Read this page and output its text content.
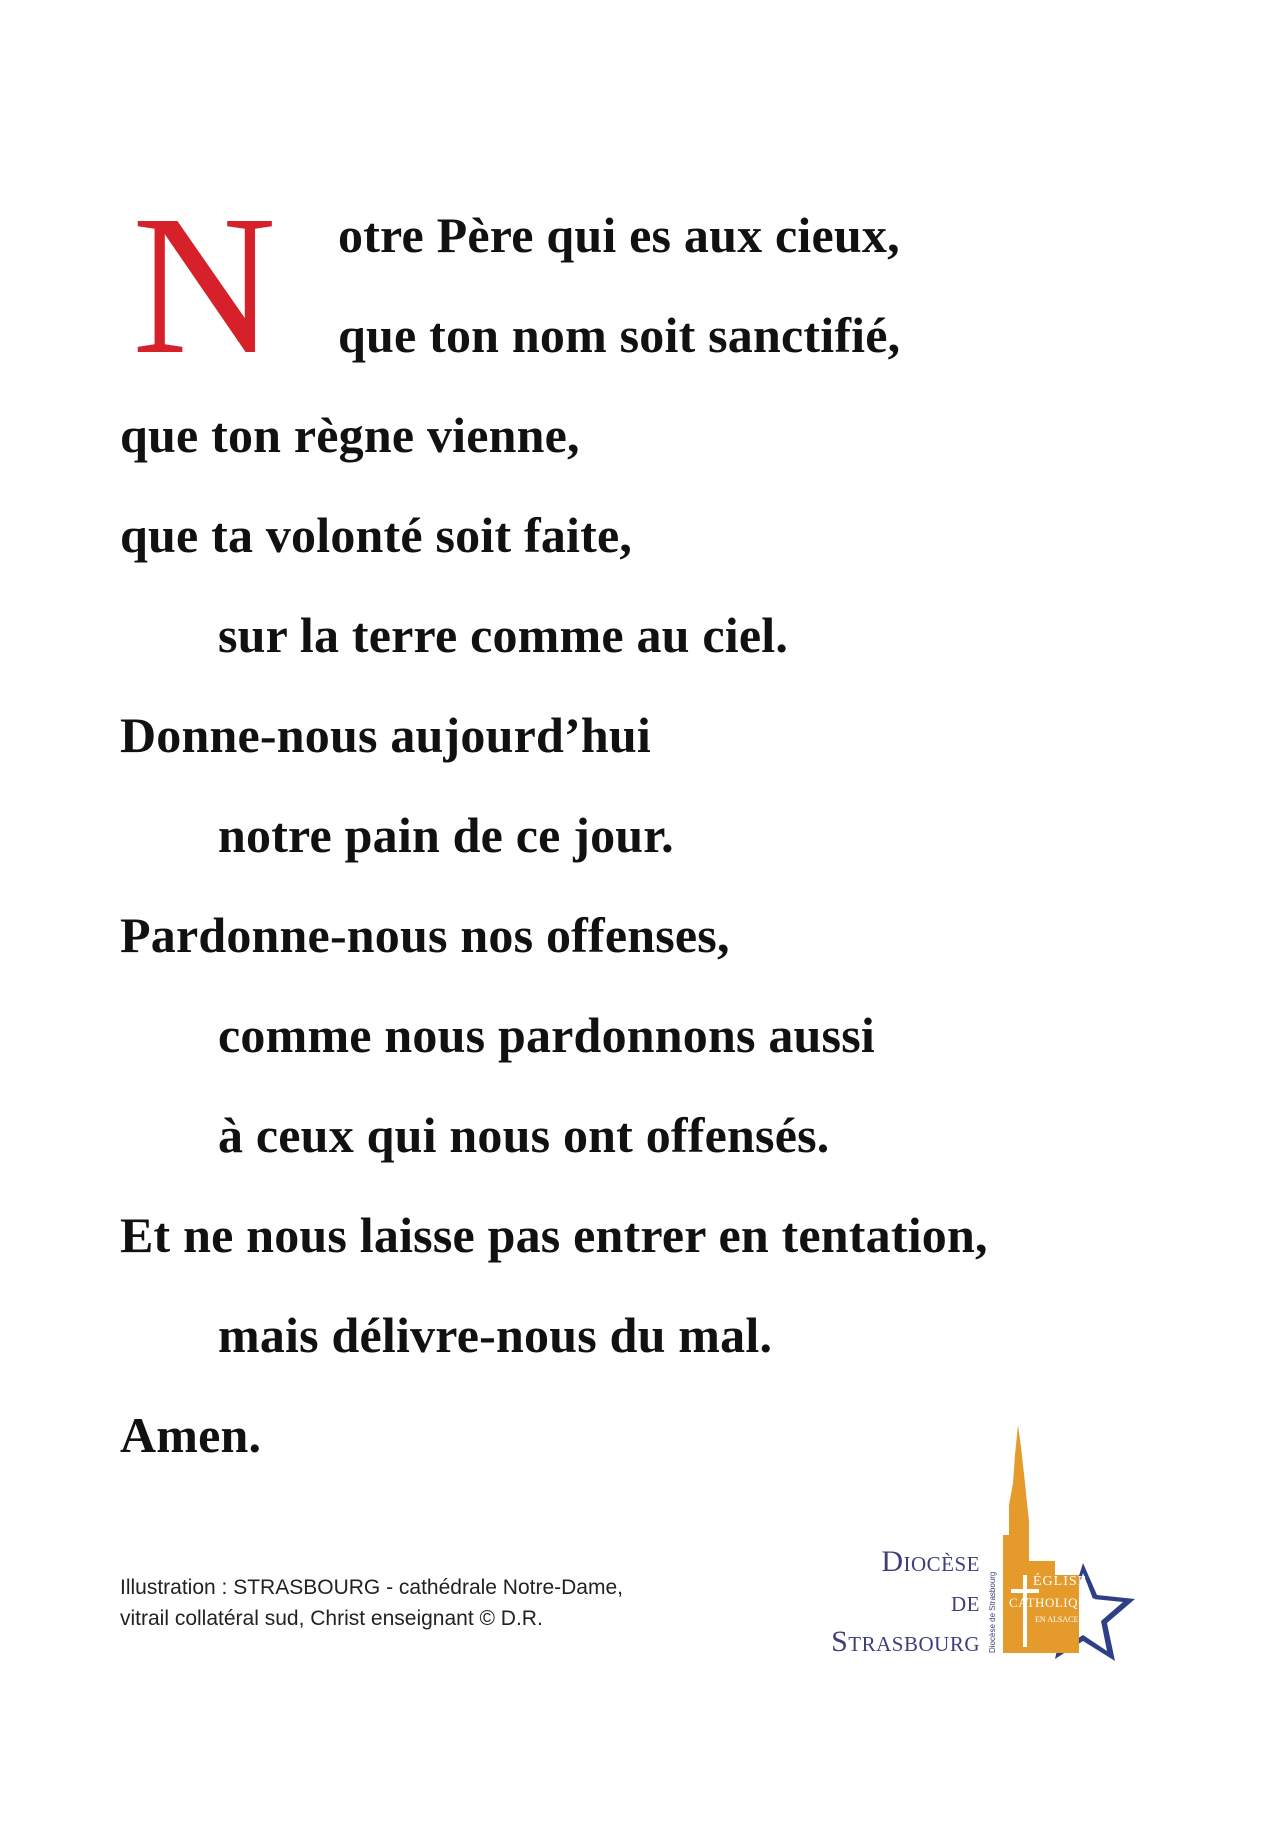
N otre Père qui es aux cieux,
que ton nom soit sanctifié,
que ton règne vienne,
que ta volonté soit faite,
sur la terre comme au ciel.
Donne-nous aujourd’hui
notre pain de ce jour.
Pardonne-nous nos offenses,
comme nous pardonnons aussi
à ceux qui nous ont offensés.
Et ne nous laisse pas entrer en tentation,
mais délivre-nous du mal.
Amen.
Illustration : STRASBOURG - cathédrale Notre-Dame,
vitrail collatéral sud, Christ enseignant © D.R.
Diocèse
de
Strasbourg Diocèse de Strasbourg	ÉGLISE
CATHOLIQUE
EN ALSACE
